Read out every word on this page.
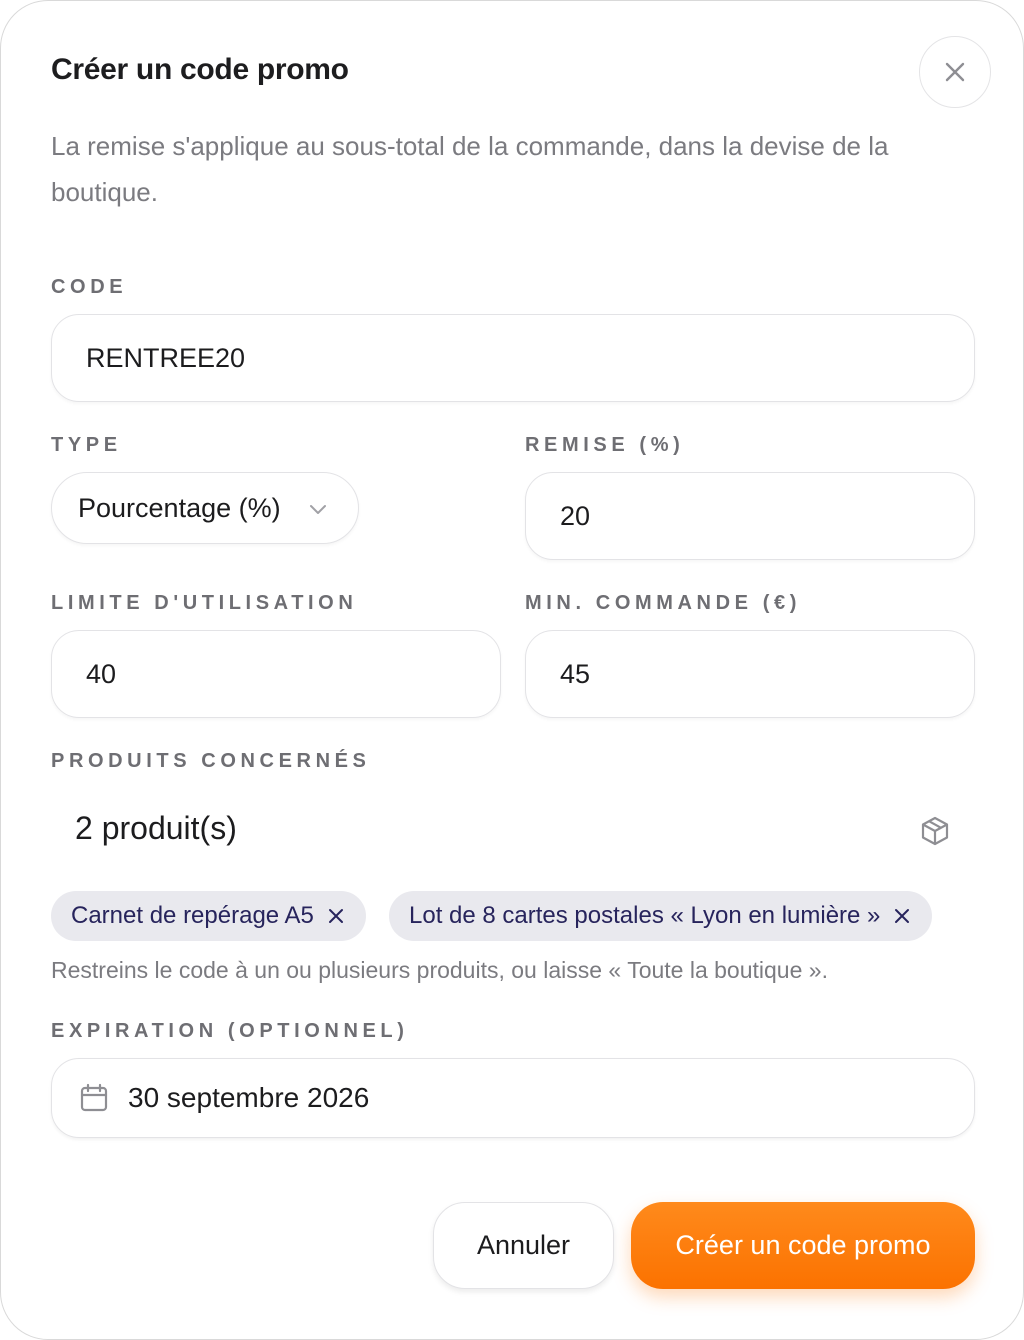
Créer un code promo

La remise s'applique au sous-total de la commande, dans la devise de la boutique.

CODE
RENTREE20
TYPE
Pourcentage (%)
REMISE (%)
20
LIMITE D'UTILISATION
40
MIN. COMMANDE (€)
45
PRODUITS CONCERNÉS
2 produit(s)
Carnet de repérage A5	Lot de 8 cartes postales « Lyon en lumière »
Restreins le code à un ou plusieurs produits, ou laisse « Toute la boutique ».
EXPIRATION (OPTIONNEL)
30 septembre 2026
Annuler	Créer un code promo
